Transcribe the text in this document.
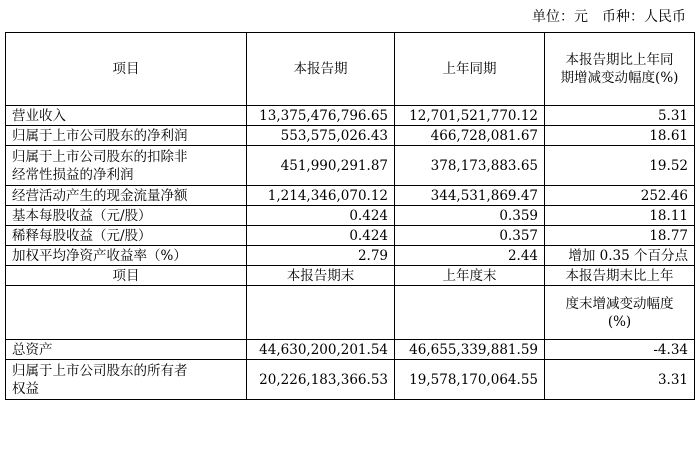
单位：元 币种：人民币
项目	本报告期	上年同期	本报告期比上年同
期增减变动幅度(%)

营业收入	13,375,476,796.65	12,701,521,770.12	5.31
归属于上市公司股东的净利润	553,575,026.43	466,728,081.67	18.61

归属于上市公司股东的扣除非
经常性损益的净利润	451,990,291.87	378,173,883.65	19.52
经营活动产生的现金流量净额	1,214,346,070.12	344,531,869.47	252.46
基本每股收益（元/股）	0.424	0.359	18.11
稀释每股收益（元/股）	0.424	0.357	18.77
加权平均净资产收益率（%）	2.79	2.44	增加 0.35 个百分点
项目	本报告期末	上年度末	本报告期末比上年

			度末增减变动幅度
(%)

总资产	44,630,200,201.54	46,655,339,881.59	-4.34

归属于上市公司股东的所有者
权益	20,226,183,366.53	19,578,170,064.55	3.31
